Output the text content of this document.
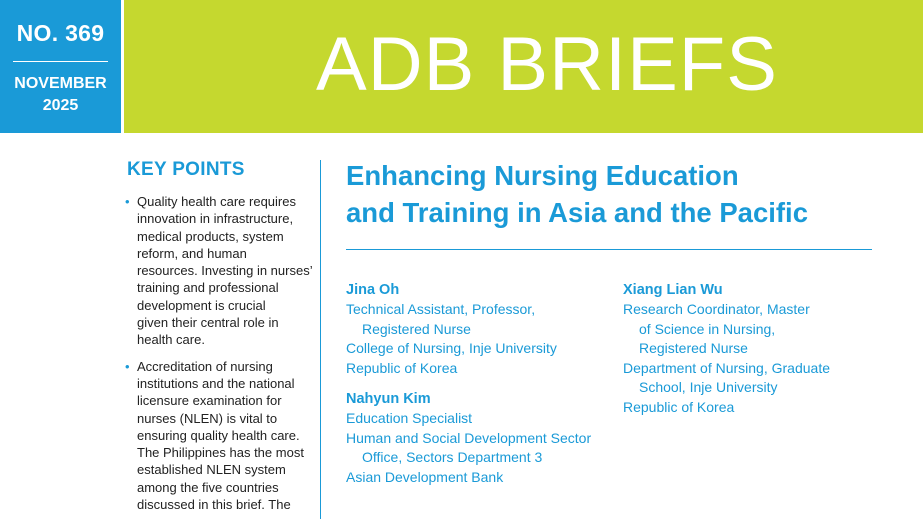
NO. 369
NOVEMBER
2025	ADB BRIEFS
KEY POINTS
• Quality health care requires
innovation in infrastructure,
medical products, system
reform, and human
resources. Investing in nurses’
training and professional
development is crucial
given their central role in
health care.
• Accreditation of nursing
institutions and the national
licensure examination for
nurses (NLEN) is vital to
ensuring quality health care.
The Philippines has the most
established NLEN system
among the five countries
discussed in this brief. The
Enhancing Nursing Education
and Training in Asia and the Pacific
Jina Oh
Technical Assistant, Professor,
Registered Nurse
College of Nursing, Inje University
Republic of Korea
Nahyun Kim
Education Specialist
Human and Social Development Sector
Office, Sectors Department 3
Asian Development Bank
Xiang Lian Wu
Research Coordinator, Master
of Science in Nursing,
Registered Nurse
Department of Nursing, Graduate
School, Inje University
Republic of Korea
